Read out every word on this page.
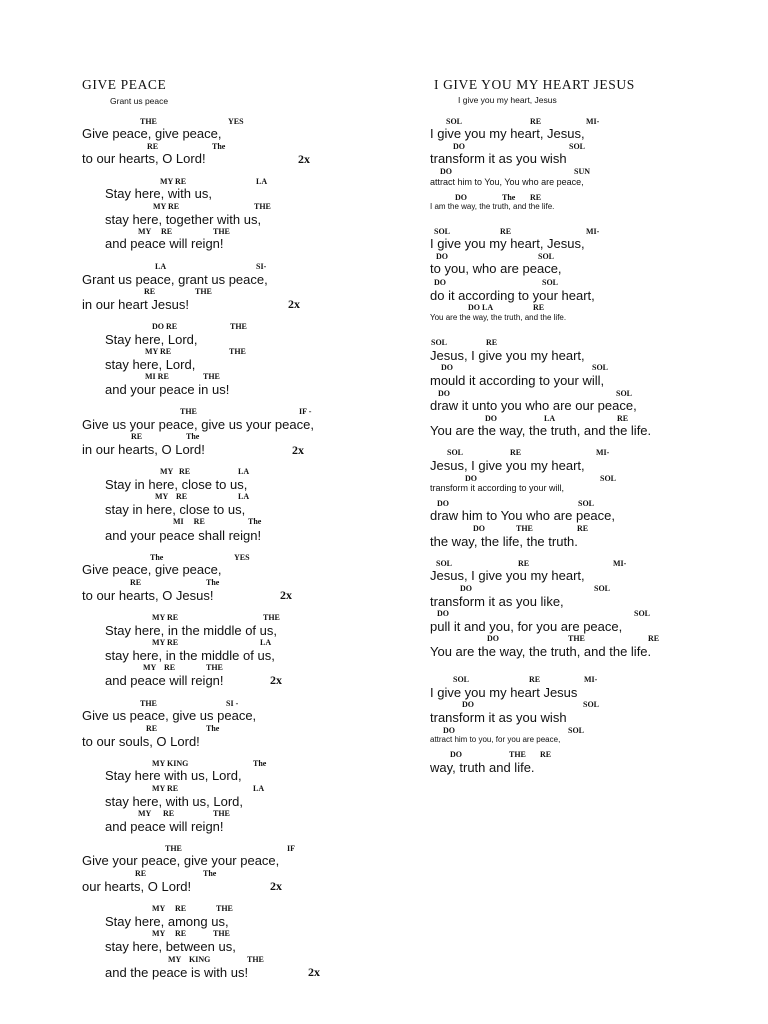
GIVE PEACE
Grant us peace
THE	YES
Give peace, give peace,
RE	The
to our hearts, O Lord!	2x
MY RE	LA
Stay here, with us,
MY RE	THE
stay here, together with us,
MY     RE	THE
and peace will reign!
LA	SI-
Grant us peace, grant us peace,
RE	THE
in our heart Jesus!	2x
DO RE	THE
Stay here, Lord,
MY RE	THE
stay here, Lord,
MI RE	THE
and your peace in us!
THE	IF -
Give us your peace, give us your peace,
RE	The
in our hearts, O Lord!	2x
MY   RE	LA
Stay in here, close to us,
MY    RE	LA
stay in here, close to us,
MI     RE	The
and your peace shall reign!
The	YES
Give peace, give peace,
RE	The
to our hearts, O Jesus!	2x
MY RE	THE
Stay here, in the middle of us,
MY RE	LA
stay here, in the middle of us,
MY    RE	THE
and peace will reign!	2x
THE	SI -
Give us peace, give us peace,
RE	The
to our souls, O Lord!
MY KING	The
Stay here with us, Lord,
MY RE	LA
stay here, with us, Lord,
MY      RE	THE
and peace will reign!
THE	IF
Give your peace, give your peace,
RE	The
our hearts, O Lord!	2x
MY     RE	THE
Stay here, among us,
MY     RE	THE
stay here, between us,
MY    KING	THE
and the peace is with us!	2x
I GIVE YOU MY HEART JESUS
I give you my heart, Jesus
SOL	RE	MI-
I give you my heart, Jesus,
DO	SOL
transform it as you wish
DO	SUN
attract him to You, You who are peace,
DO	The RE
I am the way, the truth, and the life.
SOL	RE	MI-
I give you my heart, Jesus,
DO	SOL
to you, who are peace,
DO	SOL
do it according to your heart,
DO LA	RE
You are the way, the truth, and the life.
SOL	RE
Jesus, I give you my heart,
DO	SOL
mould it according to your will,
DO	SOL
draw it unto you who are our peace,
DO	LA	RE
You are the way, the truth, and the life.
SOL	RE	MI-
Jesus, I give you my heart,
DO	SOL
transform it according to your will,
DO	SOL
draw him to You who are peace,
DO	THE	RE
the way, the life, the truth.
SOL	RE	MI-
Jesus, I give you my heart,
DO	SOL
transform it as you like,
DO	SOL
pull it and you, for you are peace,
DO	THE	RE
You are the way, the truth, and the life.
SOL	RE	MI-
I give you my heart Jesus
DO	SOL
transform it as you wish
DO	SOL
attract him to you, for you are peace,
DO	THE RE
way, truth and life.
